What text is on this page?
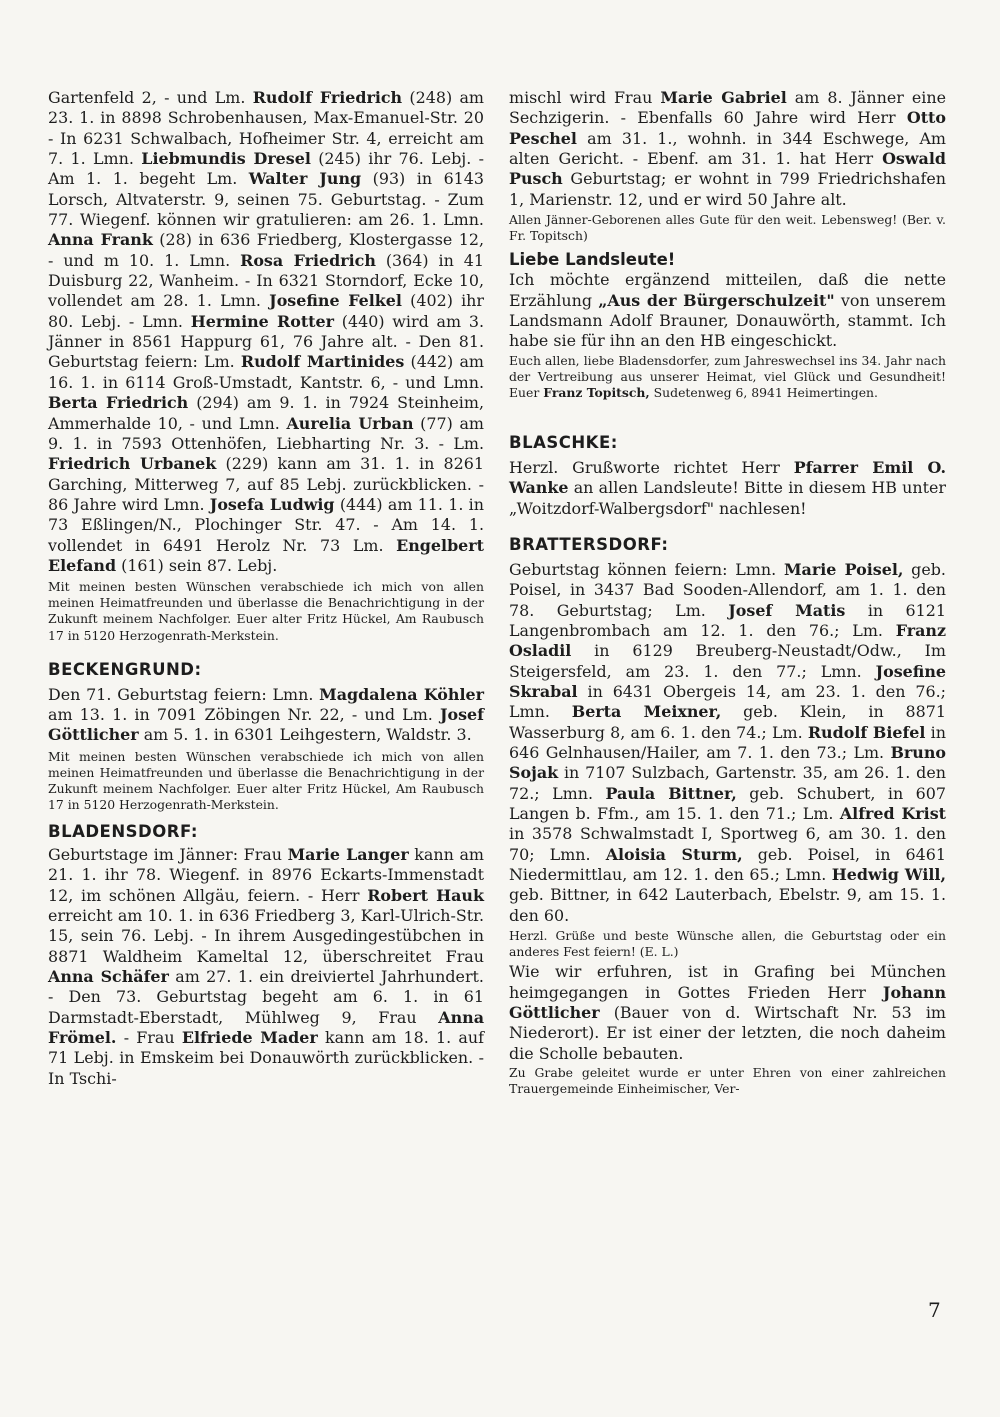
Gartenfeld 2, - und Lm. Rudolf Friedrich (248) am 23. 1. in 8898 Schrobenhausen, Max-Emanuel-Str. 20 - In 6231 Schwalbach, Hofheimer Str. 4, erreicht am 7. 1. Lmn. Liebmundis Dresel (245) ihr 76. Lebj. - Am 1. 1. begeht Lm. Walter Jung (93) in 6143 Lorsch, Altvaterstr. 9, seinen 75. Geburtstag. - Zum 77. Wiegenf. können wir gratulieren: am 26. 1. Lmn. Anna Frank (28) in 636 Friedberg, Klostergasse 12, - und m 10. 1. Lmn. Rosa Friedrich (364) in 41 Duisburg 22, Wanheim. - In 6321 Storndorf, Ecke 10, vollendet am 28. 1. Lmn. Josefine Felkel (402) ihr 80. Lebj. - Lmn. Hermine Rotter (440) wird am 3. Jänner in 8561 Happurg 61, 76 Jahre alt. - Den 81. Geburtstag feiern: Lm. Rudolf Martinides (442) am 16. 1. in 6114 Groß-Umstadt, Kantstr. 6, - und Lmn. Berta Friedrich (294) am 9. 1. in 7924 Steinheim, Ammerhalde 10, - und Lmn. Aurelia Urban (77) am 9. 1. in 7593 Ottenhöfen, Liebharting Nr. 3. - Lm. Friedrich Urbanek (229) kann am 31. 1. in 8261 Garching, Mitterweg 7, auf 85 Lebj. zurückblicken. - 86 Jahre wird Lmn. Josefa Ludwig (444) am 11. 1. in 73 Eßlingen/N., Plochinger Str. 47. - Am 14. 1. vollendet in 6491 Herolz Nr. 73 Lm. Engelbert Elefand (161) sein 87. Lebj.

Mit meinen besten Wünschen verabschiede ich mich von allen meinen Heimatfreunden und überlasse die Benachrichtigung in der Zukunft meinem Nachfolger. Euer alter Fritz Hückel, Am Raubusch 17 in 5120 Herzogenrath-Merkstein.

BECKENGRUND:

Den 71. Geburtstag feiern: Lmn. Magdalena Köhler am 13. 1. in 7091 Zöbingen Nr. 22, - und Lm. Josef Göttlicher am 5. 1. in 6301 Leihgestern, Waldstr. 3.

Mit meinen besten Wünschen verabschiede ich mich von allen meinen Heimatfreunden und überlasse die Benachrichtigung in der Zukunft meinem Nachfolger. Euer alter Fritz Hückel, Am Raubusch 17 in 5120 Herzogenrath-Merkstein.

BLADENSDORF:

Geburtstage im Jänner: Frau Marie Langer kann am 21. 1. ihr 78. Wiegenf. in 8976 Eckarts-Immenstadt 12, im schönen Allgäu, feiern. - Herr Robert Hauk erreicht am 10. 1. in 636 Friedberg 3, Karl-Ulrich-Str. 15, sein 76. Lebj. - In ihrem Ausgedingestübchen in 8871 Waldheim Kameltal 12, überschreitet Frau Anna Schäfer am 27. 1. ein dreiviertel Jahrhundert. - Den 73. Geburtstag begeht am 6. 1. in 61 Darmstadt-Eberstadt, Mühlweg 9, Frau Anna Frömel. - Frau Elfriede Mader kann am 18. 1. auf 71 Lebj. in Emskeim bei Donauwörth zurückblicken. - In Tschi-

mischl wird Frau Marie Gabriel am 8. Jänner eine Sechzigerin. - Ebenfalls 60 Jahre wird Herr Otto Peschel am 31. 1., wohnh. in 344 Eschwege, Am alten Gericht. - Ebenf. am 31. 1. hat Herr Oswald Pusch Geburtstag; er wohnt in 799 Friedrichshafen 1, Marienstr. 12, und er wird 50 Jahre alt.

Allen Jänner-Geborenen alles Gute für den weit. Lebensweg! (Ber. v. Fr. Topitsch)

Liebe Landsleute!

Ich möchte ergänzend mitteilen, daß die nette Erzählung „Aus der Bürgerschulzeit" von unserem Landsmann Adolf Brauner, Donauwörth, stammt. Ich habe sie für ihn an den HB eingeschickt.

Euch allen, liebe Bladensdorfer, zum Jahreswechsel ins 34. Jahr nach der Vertreibung aus unserer Heimat, viel Glück und Gesundheit! Euer Franz Topitsch, Sudetenweg 6, 8941 Heimertingen.

BLASCHKE:

Herzl. Grußworte richtet Herr Pfarrer Emil O. Wanke an allen Landsleute! Bitte in diesem HB unter „Woitzdorf-Walbergsdorf" nachlesen!

BRATTERSDORF:

Geburtstag können feiern: Lmn. Marie Poisel, geb. Poisel, in 3437 Bad Sooden-Allendorf, am 1. 1. den 78. Geburtstag; Lm. Josef Matis in 6121 Langenbrombach am 12. 1. den 76.; Lm. Franz Osladil in 6129 Breuberg-Neustadt/Odw., Im Steigersfeld, am 23. 1. den 77.; Lmn. Josefine Skrabal in 6431 Obergeis 14, am 23. 1. den 76.; Lmn. Berta Meixner, geb. Klein, in 8871 Wasserburg 8, am 6. 1. den 74.; Lm. Rudolf Biefel in 646 Gelnhausen/Hailer, am 7. 1. den 73.; Lm. Bruno Sojak in 7107 Sulzbach, Gartenstr. 35, am 26. 1. den 72.; Lmn. Paula Bittner, geb. Schubert, in 607 Langen b. Ffm., am 15. 1. den 71.; Lm. Alfred Krist in 3578 Schwalmstadt I, Sportweg 6, am 30. 1. den 70; Lmn. Aloisia Sturm, geb. Poisel, in 6461 Niedermittlau, am 12. 1. den 65.; Lmn. Hedwig Will, geb. Bittner, in 642 Lauterbach, Ebelstr. 9, am 15. 1. den 60.

Herzl. Grüße und beste Wünsche allen, die Geburtstag oder ein anderes Fest feiern! (E. L.)

Wie wir erfuhren, ist in Grafing bei München heimgegangen in Gottes Frieden Herr Johann Göttlicher (Bauer von d. Wirtschaft Nr. 53 im Niederort). Er ist einer der letzten, die noch daheim die Scholle bebauten.

Zu Grabe geleitet wurde er unter Ehren von einer zahlreichen Trauergemeinde Einheimischer, Ver-

7
